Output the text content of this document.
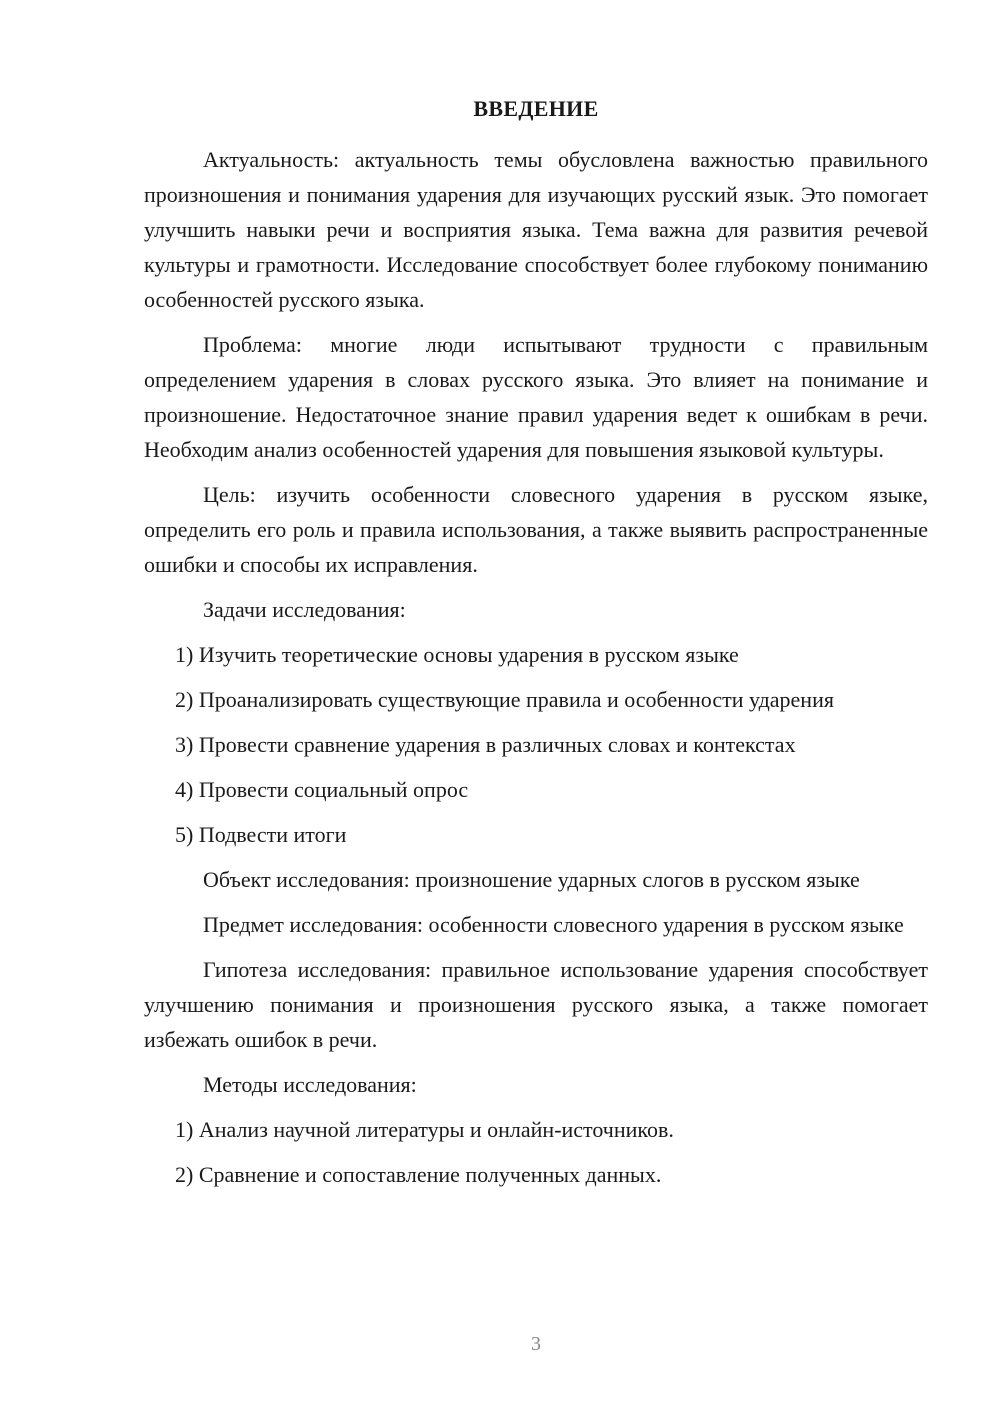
ВВЕДЕНИЕ

Актуальность: актуальность темы обусловлена важностью правильного произношения и понимания ударения для изучающих русский язык. Это помогает улучшить навыки речи и восприятия языка. Тема важна для развития речевой культуры и грамотности. Исследование способствует более глубокому пониманию особенностей русского языка.

Проблема: многие люди испытывают трудности с правильным определением ударения в словах русского языка. Это влияет на понимание и произношение. Недостаточное знание правил ударения ведет к ошибкам в речи. Необходим анализ особенностей ударения для повышения языковой культуры.

Цель: изучить особенности словесного ударения в русском языке, определить его роль и правила использования, а также выявить распространенные ошибки и способы их исправления.

Задачи исследования:

1) Изучить теоретические основы ударения в русском языке

2) Проанализировать существующие правила и особенности ударения

3) Провести сравнение ударения в различных словах и контекстах

4) Провести социальный опрос

5) Подвести итоги

Объект исследования: произношение ударных слогов в русском языке

Предмет исследования: особенности словесного ударения в русском языке

Гипотеза исследования: правильное использование ударения способствует улучшению понимания и произношения русского языка, а также помогает избежать ошибок в речи.

Методы исследования:

1) Анализ научной литературы и онлайн-источников.

2) Сравнение и сопоставление полученных данных.

3
